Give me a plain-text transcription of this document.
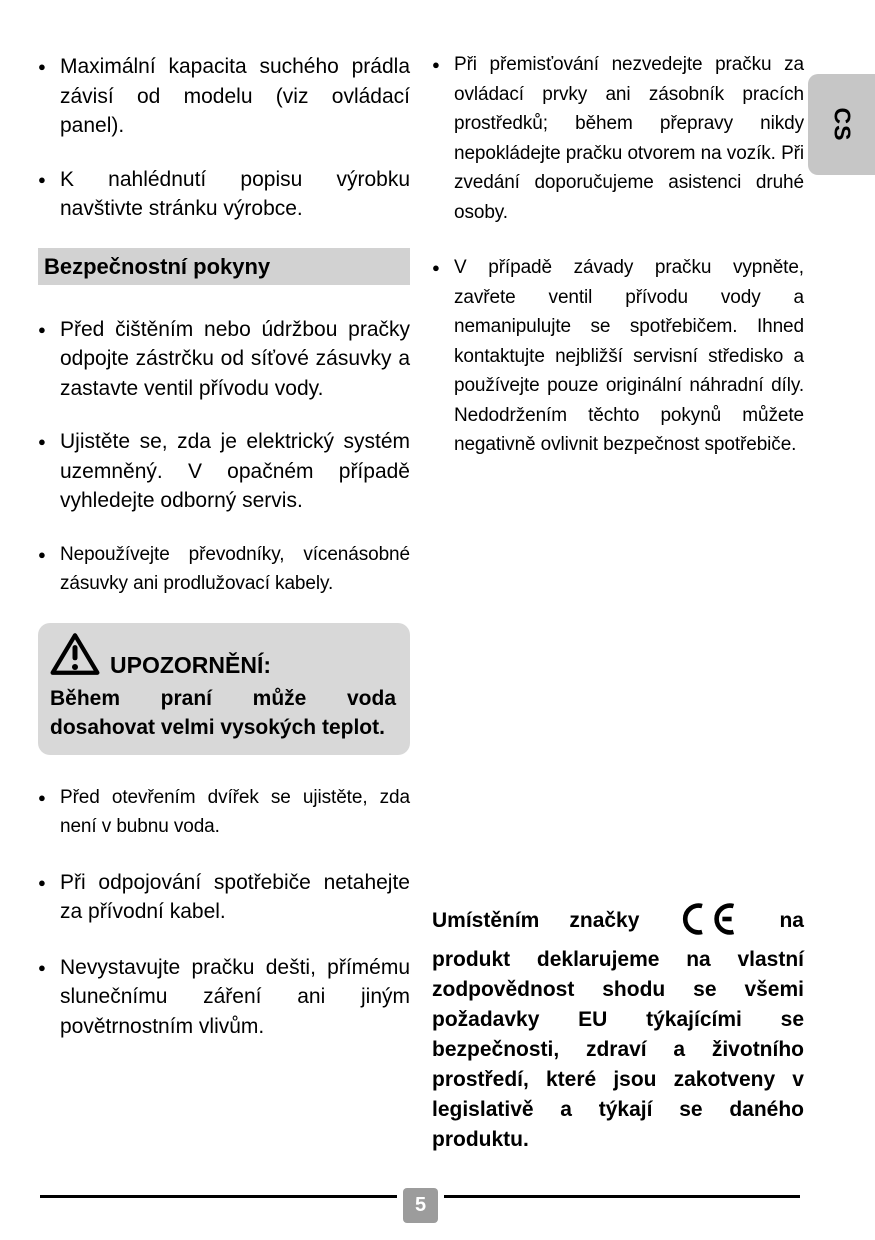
● Maximální kapacita suchého prádla závisí od modelu (viz ovládací panel).
● K nahlédnutí popisu výrobku navštivte stránku výrobce.
Bezpečnostní pokyny
● Před čištěním nebo údržbou pračky odpojte zástrčku od síťové zásuvky a zastavte ventil přívodu vody.
● Ujistěte se, zda je elektrický systém uzemněný. V opačném případě vyhledejte odborný servis.
● Nepoužívejte převodníky, vícenásobné zásuvky ani prodlužovací kabely.
UPOZORNĚNÍ:
Během praní může voda dosahovat velmi vysokých teplot.
● Před otevřením dvířek se ujistěte, zda není v bubnu voda.
● Při odpojování spotřebiče netahejte za přívodní kabel.
● Nevystavujte pračku dešti, přímému slunečnímu záření ani jiným povětrnostním vlivům.
● Při přemisťování nezvedejte pračku za ovládací prvky ani zásobník pracích prostředků; během přepravy nikdy nepokládejte pračku otvorem na vozík. Při zvedání doporučujeme asistenci druhé osoby.
● V případě závady pračku vypněte, zavřete ventil přívodu vody a nemanipulujte se spotřebičem. Ihned kontaktujte nejbližší servisní středisko a používejte pouze originální náhradní díly. Nedodržením těchto pokynů můžete negativně ovlivnit bezpečnost spotřebiče.
Umístěním značky	na produkt deklarujeme na vlastní zodpovědnost shodu se všemi požadavky EU týkajícími se bezpečnosti, zdraví a životního prostředí, které jsou zakotveny v legislativě a týkají se daného produktu.
CS
5
